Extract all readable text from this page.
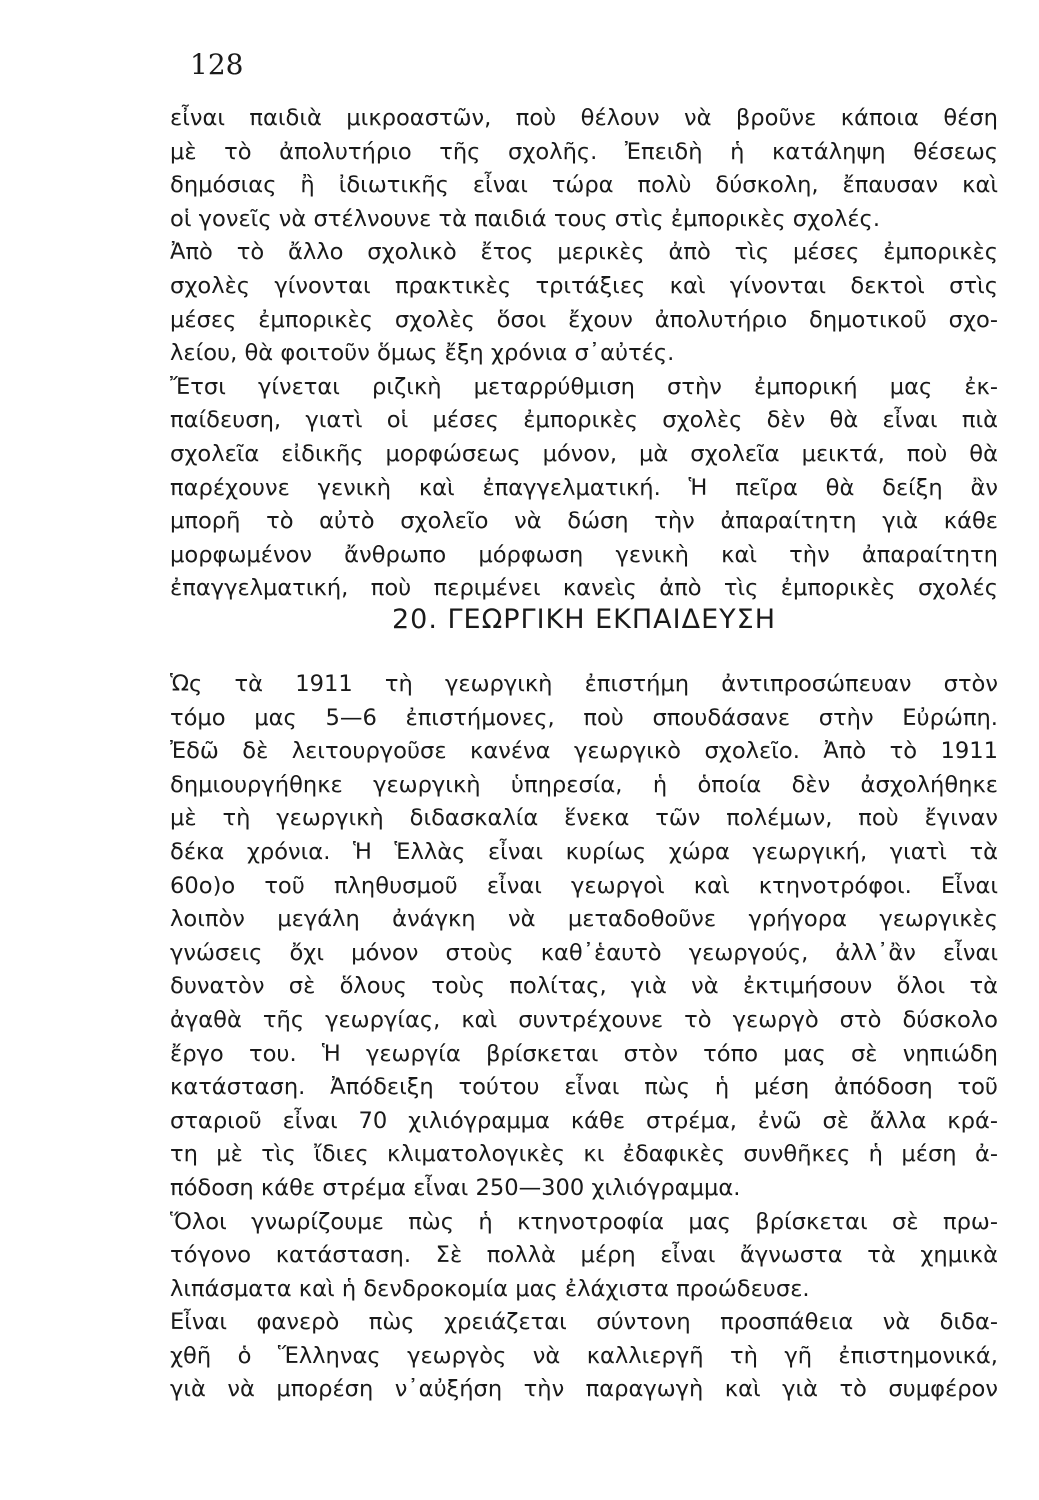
128
εἶναι παιδιὰ μικροαστῶν, ποὺ θέλουν νὰ βροῦνε κάποια θέση
μὲ τὸ ἀπολυτήριο τῆς σχολῆς. Ἐπειδὴ ἡ κατάληψη θέσεως
δημόσιας ἢ ἰδιωτικῆς εἶναι τώρα πολὺ δύσκολη, ἔπαυσαν καὶ
οἱ γονεῖς νὰ στέλνουνε τὰ παιδιά τους στὶς ἐμπορικὲς σχολές.
Ἀπὸ τὸ ἄλλο σχολικὸ ἔτος μερικὲς ἀπὸ τὶς μέσες ἐμπορικὲς
σχολὲς γίνονται πρακτικὲς τριτάξιες καὶ γίνονται δεκτοὶ στὶς
μέσες ἐμπορικὲς σχολὲς ὅσοι ἔχουν ἀπολυτήριο δημοτικοῦ σχο-
λείου, θὰ φοιτοῦν ὅμως ἔξη χρόνια σ᾽αὐτές.
Ἔτσι γίνεται ριζικὴ μεταρρύθμιση στὴν ἐμπορική μας ἐκ-
παίδευση, γιατὶ οἱ μέσες ἐμπορικὲς σχολὲς δὲν θὰ εἶναι πιὰ
σχολεῖα εἰδικῆς μορφώσεως μόνον, μὰ σχολεῖα μεικτά, ποὺ θὰ
παρέχουνε γενικὴ καὶ ἐπαγγελματική. Ἡ πεῖρα θὰ δείξη ἂν
μπορῆ τὸ αὐτὸ σχολεῖο νὰ δώση τὴν ἀπαραίτητη γιὰ κάθε
μορφωμένον ἄνθρωπο μόρφωση γενικὴ καὶ τὴν ἀπαραίτητη
ἐπαγγελματική, ποὺ περιμένει κανεὶς ἀπὸ τὶς ἐμπορικὲς σχολές
20. ΓΕΩΡΓΙΚΗ ΕΚΠΑΙΔΕΥΣΗ
Ὡς τὰ 1911 τὴ γεωργικὴ ἐπιστήμη ἀντιπροσώπευαν στὸν
τόμο μας 5—6 ἐπιστήμονες, ποὺ σπουδάσανε στὴν Εὐρώπη.
Ἐδῶ δὲ λειτουργοῦσε κανένα γεωργικὸ σχολεῖο. Ἀπὸ τὸ 1911
δημιουργήθηκε γεωργικὴ ὑπηρεσία, ἡ ὁποία δὲν ἀσχολήθηκε
μὲ τὴ γεωργικὴ διδασκαλία ἕνεκα τῶν πολέμων, ποὺ ἔγιναν
δέκα χρόνια. Ἡ Ἑλλὰς εἶναι κυρίως χώρα γεωργική, γιατὶ τὰ
60ο)ο τοῦ πληθυσμοῦ εἶναι γεωργοὶ καὶ κτηνοτρόφοι. Εἶναι
λοιπὸν μεγάλη ἀνάγκη νὰ μεταδοθοῦνε γρήγορα γεωργικὲς
γνώσεις ὄχι μόνον στοὺς καθ᾽ἑαυτὸ γεωργούς, ἀλλ᾽ἂν εἶναι
δυνατὸν σὲ ὅλους τοὺς πολίτας, γιὰ νὰ ἐκτιμήσουν ὅλοι τὰ
ἀγαθὰ τῆς γεωργίας, καὶ συντρέχουνε τὸ γεωργὸ στὸ δύσκολο
ἔργο του. Ἡ γεωργία βρίσκεται στὸν τόπο μας σὲ νηπιώδη
κατάσταση. Ἀπόδειξη τούτου εἶναι πὼς ἡ μέση ἀπόδοση τοῦ
σταριοῦ εἶναι 70 χιλιόγραμμα κάθε στρέμα, ἐνῶ σὲ ἄλλα κρά-
τη μὲ τὶς ἴδιες κλιματολογικὲς κι ἐδαφικὲς συνθῆκες ἡ μέση ἀ-
πόδοση κάθε στρέμα εἶναι 250—300 χιλιόγραμμα.
Ὅλοι γνωρίζουμε πὼς ἡ κτηνοτροφία μας βρίσκεται σὲ πρω-
τόγονο κατάσταση. Σὲ πολλὰ μέρη εἶναι ἄγνωστα τὰ χημικὰ
λιπάσματα καὶ ἡ δενδροκομία μας ἐλάχιστα προώδευσε.
Εἶναι φανερὸ πὼς χρειάζεται σύντονη προσπάθεια νὰ διδα-
χθῆ ὁ Ἕλληνας γεωργὸς νὰ καλλιεργῆ τὴ γῆ ἐπιστημονικά,
γιὰ νὰ μπορέση ν᾽αὐξήση τὴν παραγωγὴ καὶ γιὰ τὸ συμφέρον
